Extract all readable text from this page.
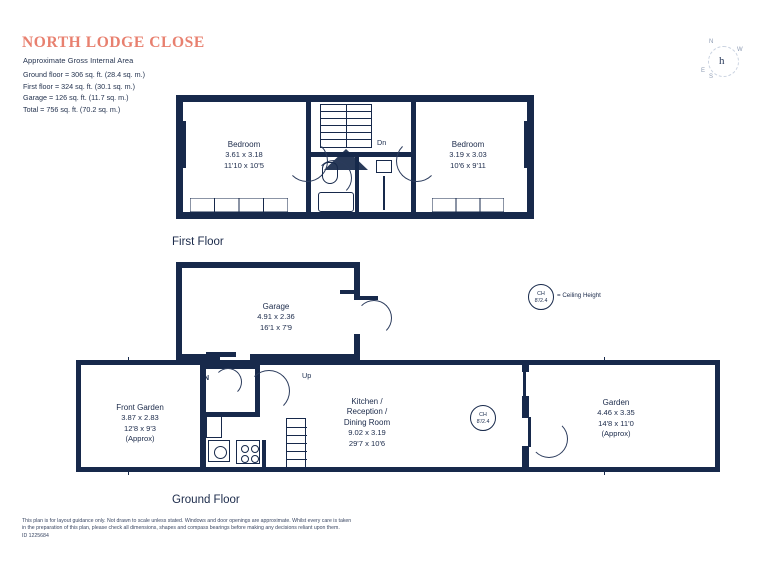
NORTH LODGE CLOSE
Approximate Gross Internal Area
Ground floor = 306 sq. ft. (28.4 sq. m.)
First floor = 324 sq. ft. (30.1 sq. m.)
Garage = 126 sq. ft. (11.7 sq. m.)
Total = 756 sq. ft. (70.2 sq. m.)
h
N
S
E
W
Dn
Bedroom
3.61 x 3.18
11'10 x 10'5
Bedroom
3.19 x 3.03
10'6 x 9'11
First Floor
IN	Up
CH
8'/2.4
CH
8'/2.4
= Ceiling Height
Garage
4.91 x 2.36
16'1 x 7'9
Front Garden
3.87 x 2.83
12'8 x 9'3
(Approx)
Kitchen /
Reception /
Dining Room
9.02 x 3.19
29'7 x 10'6
Garden
4.46 x 3.35
14'8 x 11'0
(Approx)
Ground Floor
This plan is for layout guidance only. Not drawn to scale unless stated. Windows and door openings are approximate. Whilst every care is taken
in the preparation of this plan, please check all dimensions, shapes and compass bearings before making any decisions reliant upon them.
ID 1225684
